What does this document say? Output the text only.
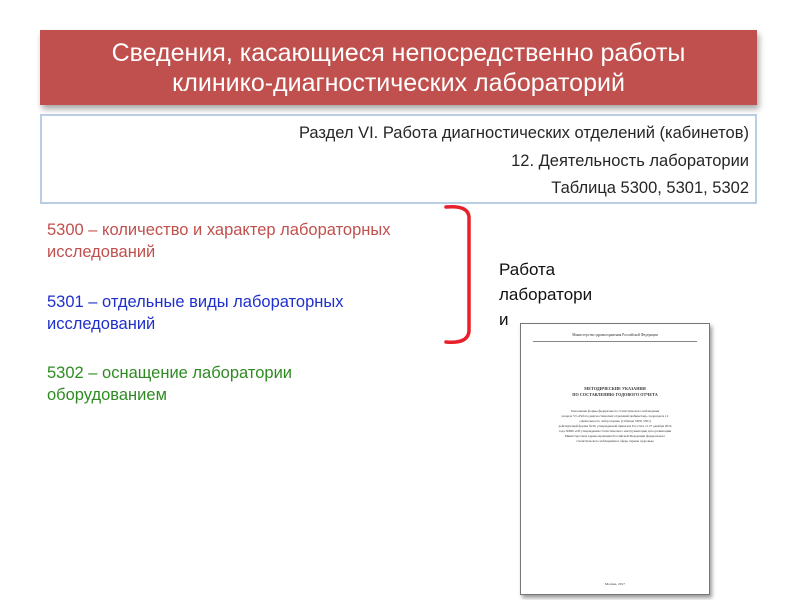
Сведения, касающиеся непосредственно работы
клинико-диагностических лабораторий
Раздел VI. Работа диагностических отделений (кабинетов)
12. Деятельность лаборатории
Таблица 5300, 5301, 5302
5300 – количество и характер лабораторных
исследований
5301 – отдельные виды лабораторных
исследований
5302 – оснащение лаборатории
оборудованием
Работа
лаборатори
и
Министерство здравоохранения Российской Федерации
МЕТОДИЧЕСКИЕ УКАЗАНИЯ
ПО СОСТАВЛЕНИЮ ГОДОВОГО ОТЧЕТА
Заполнение формы федерального статистического наблюдения
раздела VI «Работа диагностических отделений (кабинетов)» подраздела 12
«Деятельность лаборатории» (таблицы 5300, 5301)
действующей формы №30, утвержденной приказом Росстата от 27 декабря 2016
года №866 «Об утверждении статистического инструментария для организации
Министерством здравоохранения Российской Федерации федерального
статистического наблюдения в сфере охраны здоровья»
Москва, 2017
